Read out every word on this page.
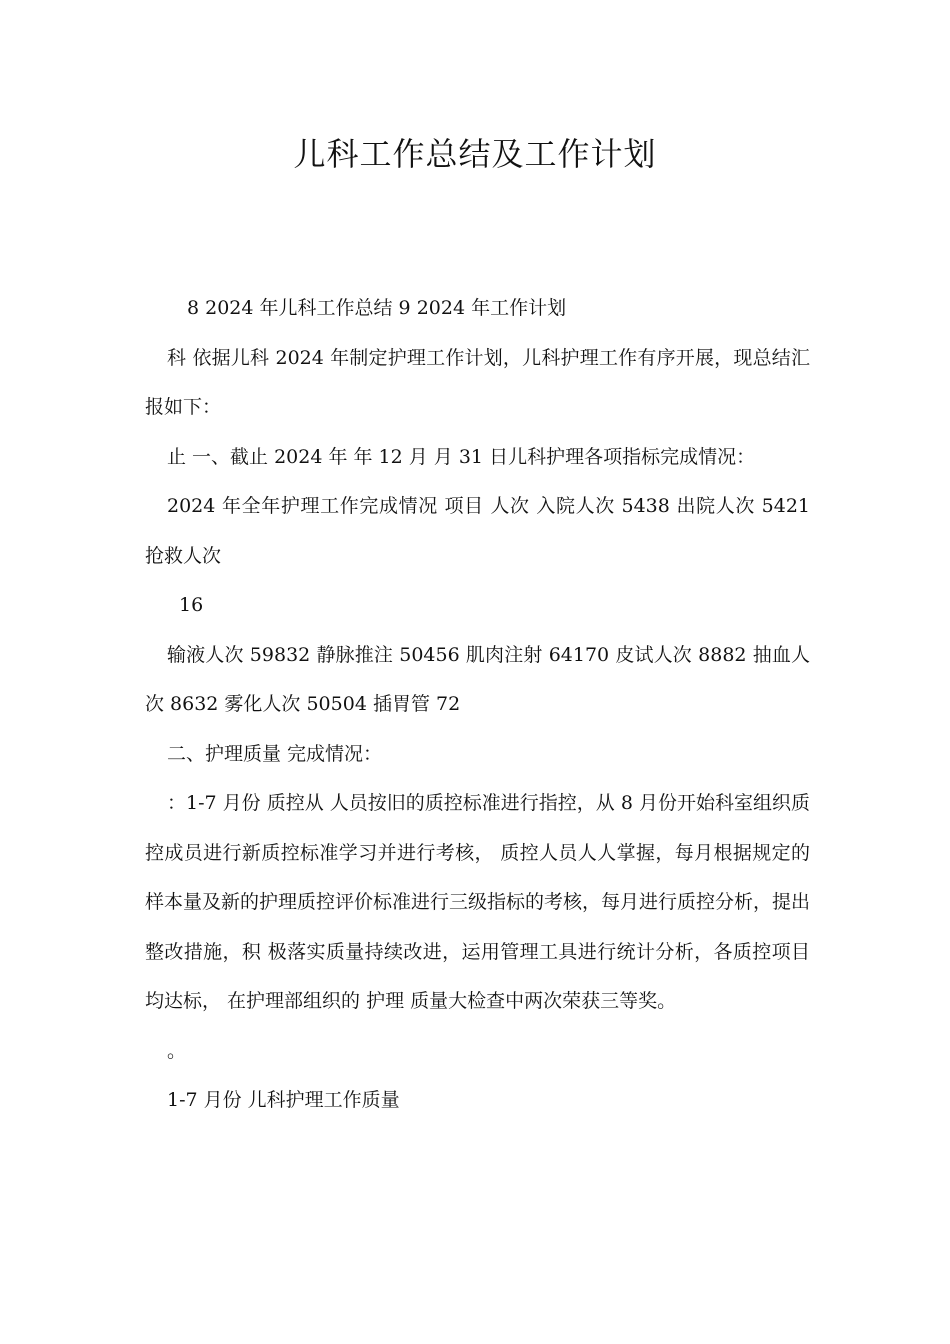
儿科工作总结及工作计划

8 2024 年儿科工作总结 9 2024 年工作计划

科 依据儿科 2024 年制定护理工作计划，儿科护理工作有序开展，现总结汇报如下：

止 一、截止 2024 年 年 12 月 月 31 日儿科护理各项指标完成情况：

2024 年全年护理工作完成情况 项目 人次 入院人次 5438 出院人次 5421 抢救人次

16

输液人次 59832 静脉推注 50456 肌肉注射 64170 皮试人次 8882 抽血人次 8632 雾化人次 50504 插胃管 72

二、护理质量 完成情况：

：1-7 月份 质控从 人员按旧的质控标准进行指控，从 8 月份开始科室组织质控成员进行新质控标准学习并进行考核， 质控人员人人掌握，每月根据规定的样本量及新的护理质控评价标准进行三级指标的考核，每月进行质控分析，提出整改措施，积 极落实质量持续改进，运用管理工具进行统计分析，各质控项目均达标， 在护理部组织的 护理 质量大检查中两次荣获三等奖。

。

1-7 月份 儿科护理工作质量
